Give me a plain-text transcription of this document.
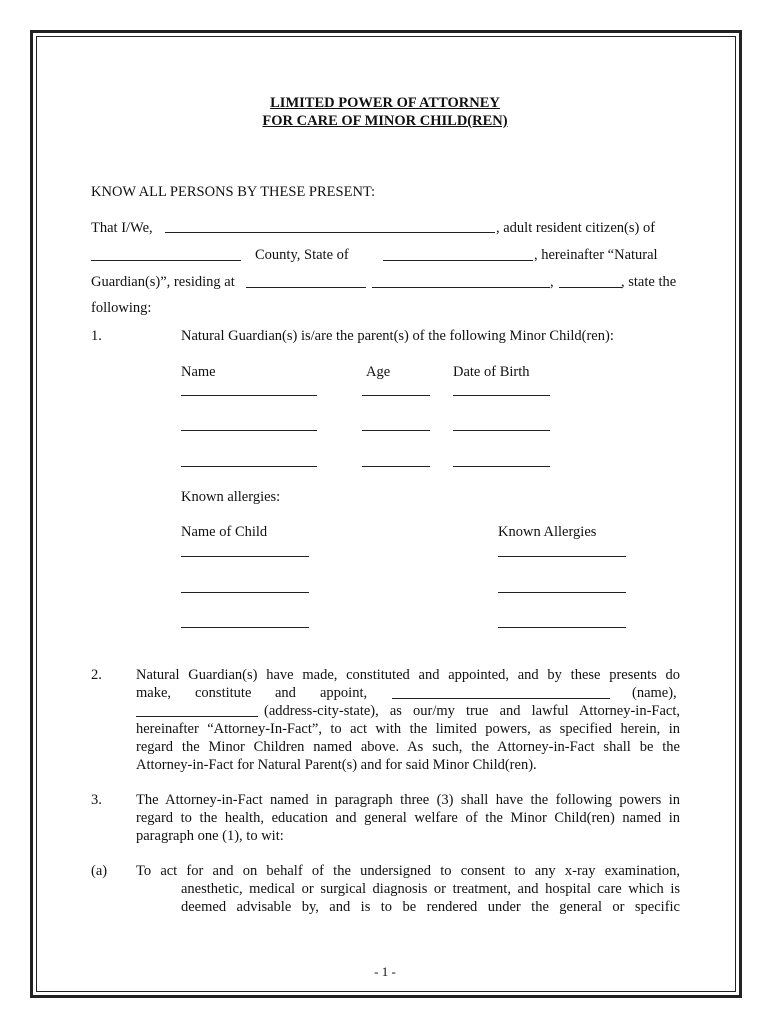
LIMITED POWER OF ATTORNEY
FOR CARE OF MINOR CHILD(REN)
KNOW ALL PERSONS BY THESE PRESENT:
That I/We,	, adult resident citizen(s) of
County, State of	, hereinafter “Natural
Guardian(s)”, residing at	,	, state the
following:
1.	Natural Guardian(s) is/are the parent(s) of the following Minor Child(ren):
Name	Age	Date of Birth
Known allergies:
Name of Child	Known Allergies
2. Natural Guardian(s) have made, constituted and appointed, and by these presents do
make, constitute and appoint,	(name),
(address-city-state), as our/my true and lawful Attorney-in-Fact,
hereinafter “Attorney-In-Fact”, to act with the limited powers, as specified herein, in
regard the Minor Children named above. As such, the Attorney-in-Fact shall be the
Attorney-in-Fact for Natural Parent(s) and for said Minor Child(ren).
3. The Attorney-in-Fact named in paragraph three (3) shall have the following powers in
regard to the health, education and general welfare of the Minor Child(ren) named in
paragraph one (1), to wit:
(a) To act for and on behalf of the undersigned to consent to any x-ray examination,
anesthetic, medical or surgical diagnosis or treatment, and hospital care which is
deemed advisable by, and is to be rendered under the general or specific
- 1 -
